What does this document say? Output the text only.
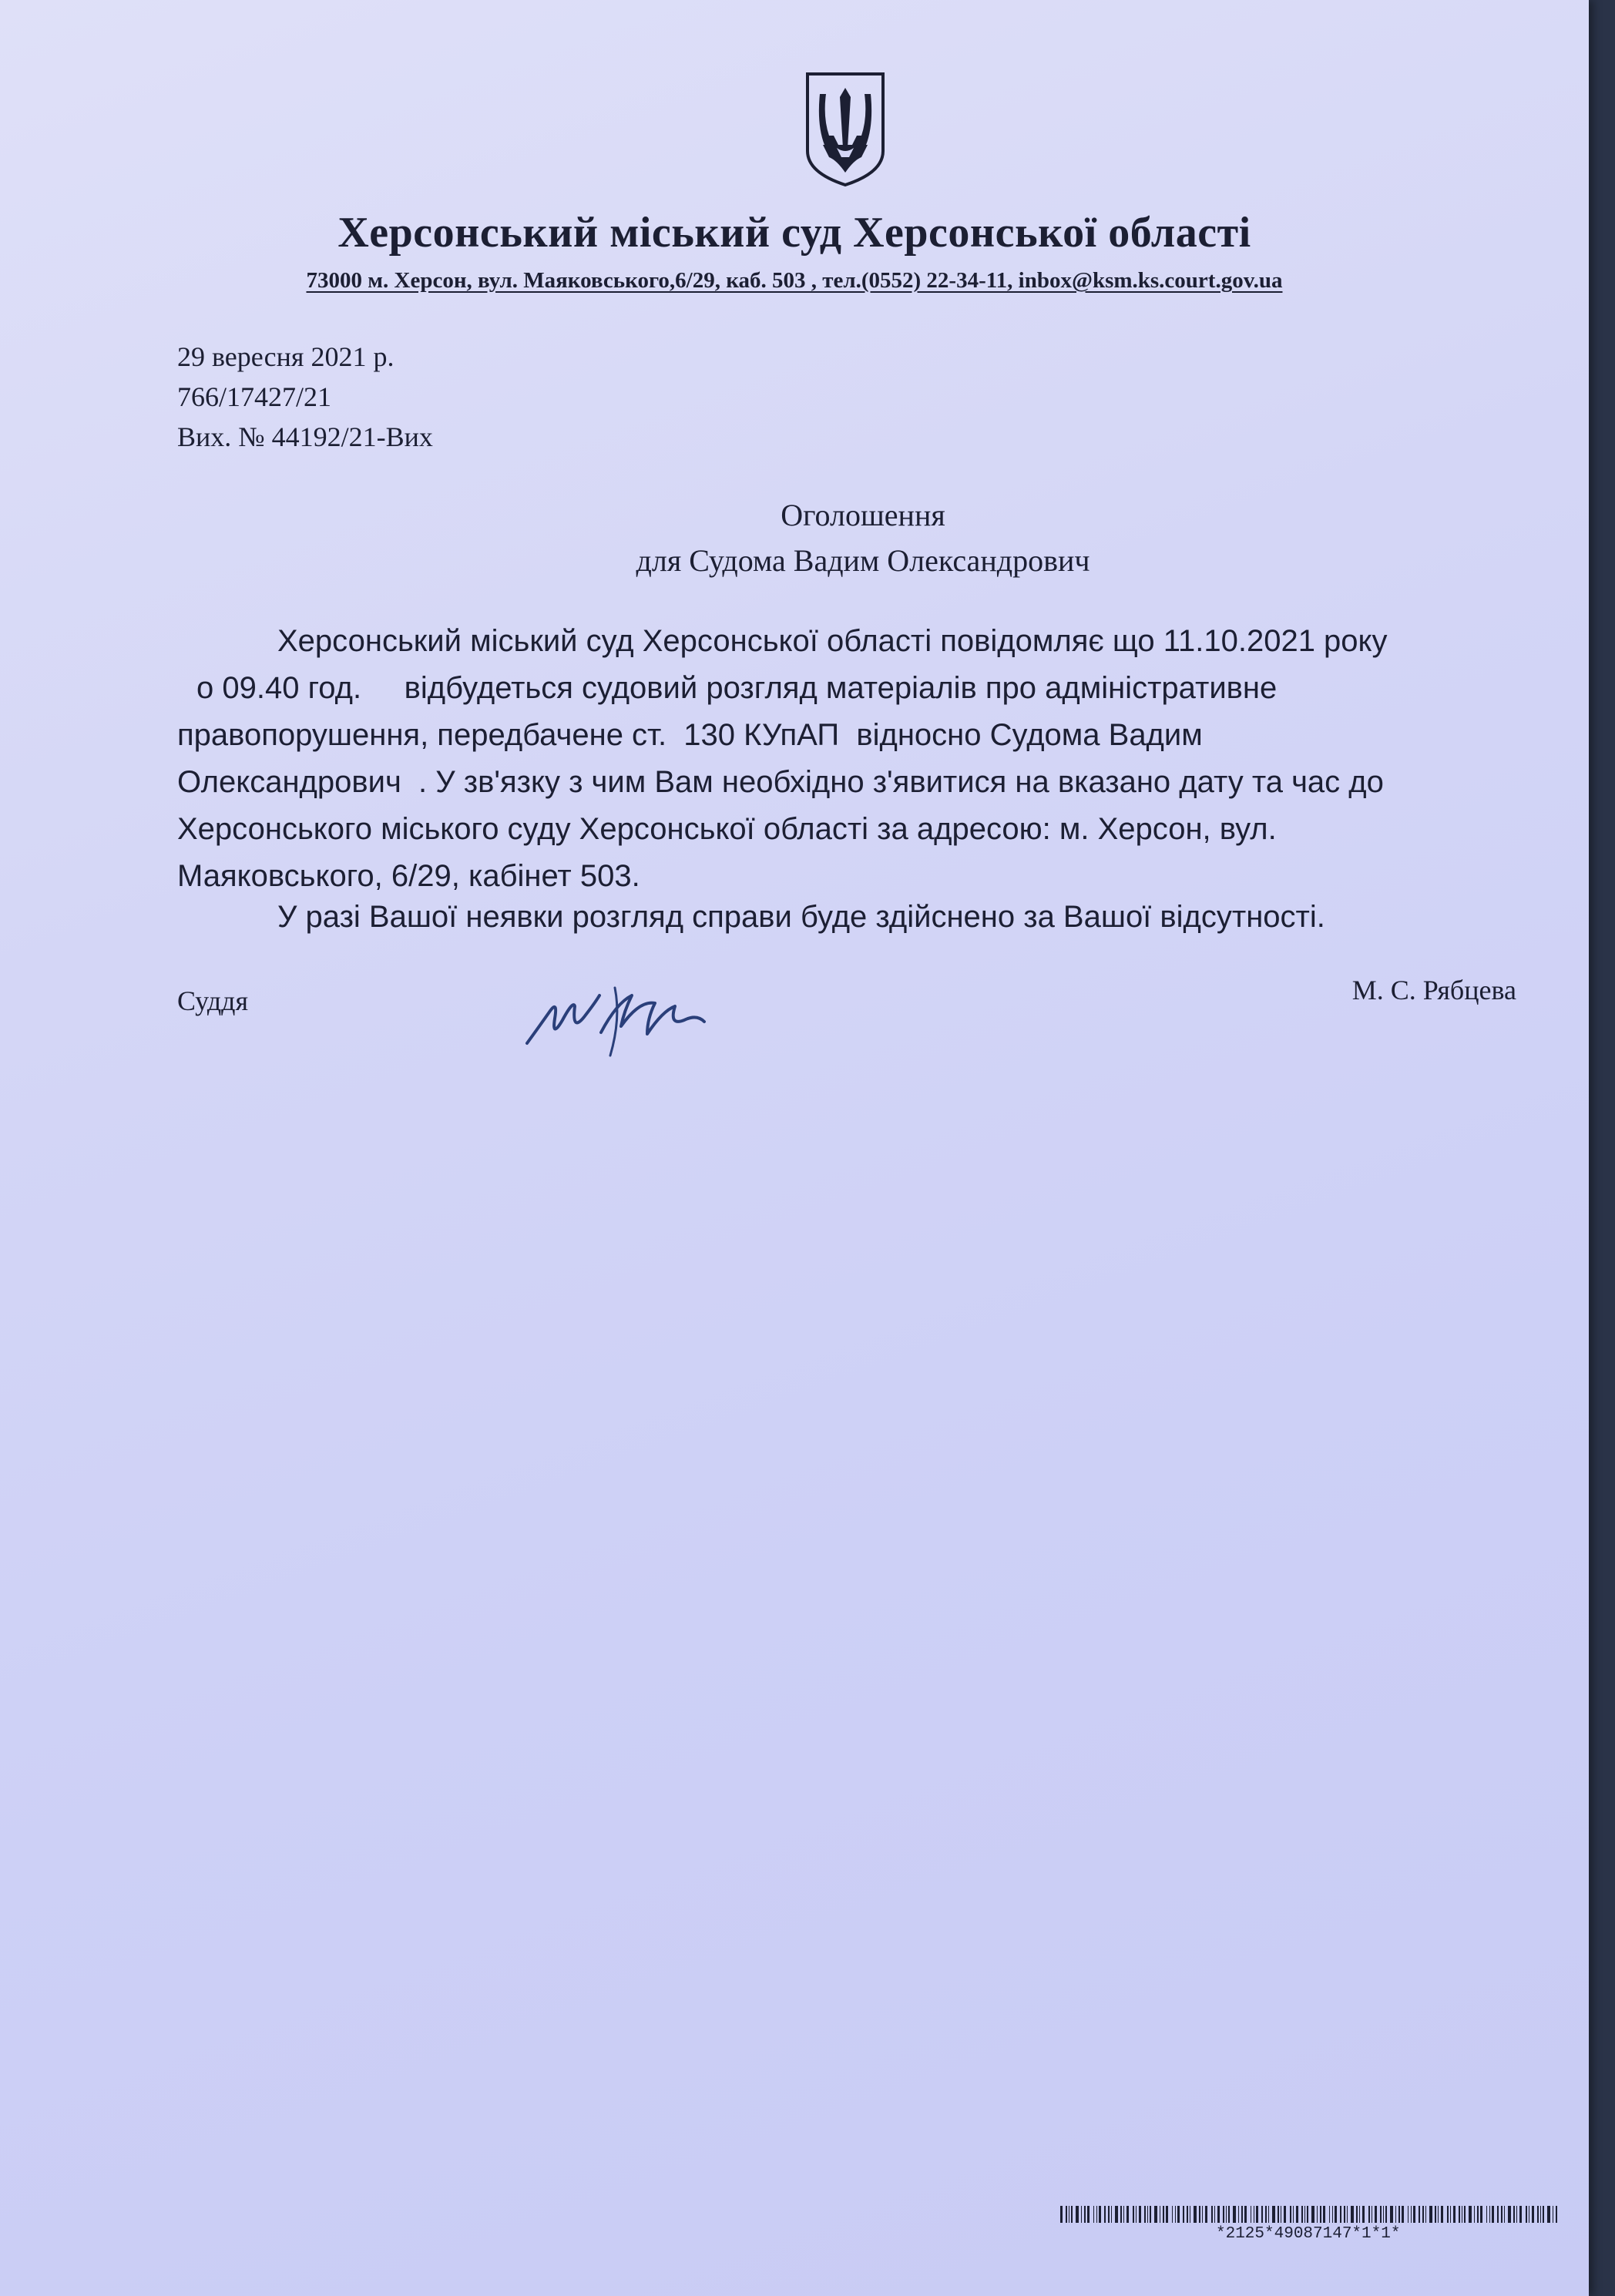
Херсонський міський суд Херсонської області
73000 м. Херсон, вул. Маяковського,6/29, каб. 503 , тел.(0552) 22-34-11, inbox@ksm.ks.court.gov.ua
29 вересня 2021 р.
766/17427/21
Вих. № 44192/21-Вих
Оголошення
для Судома Вадим Олександрович
Херсонський міський суд Херсонської області повідомляє що 11.10.2021 року
о 09.40 год.     відбудеться судовий розгляд матеріалів про адміністративне
правопорушення, передбачене ст.  130 КУпАП  відносно Судома Вадим
Олександрович  . У зв'язку з чим Вам необхідно з'явитися на вказано дату та час до
Херсонського міського суду Херсонської області за адресою: м. Херсон, вул.
Маяковського, 6/29, кабінет 503.
У разі Вашої неявки розгляд справи буде здійснено за Вашої відсутності.
Суддя	М. С. Рябцева
*2125*49087147*1*1*
